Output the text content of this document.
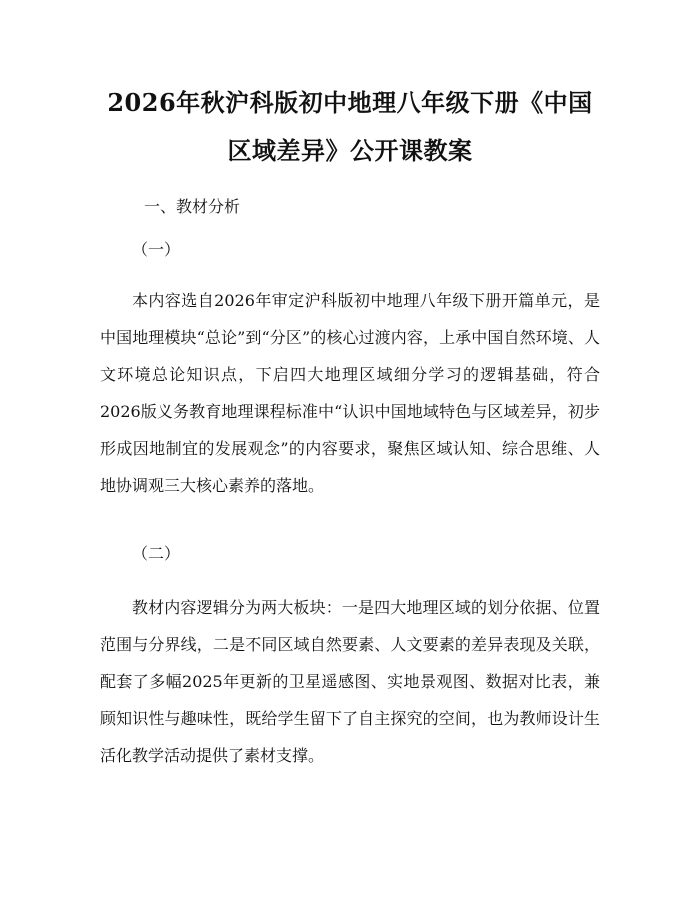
2026年秋沪科版初中地理八年级下册《中国
区域差异》公开课教案
一、教材分析
（一）
本内容选自2026年审定沪科版初中地理八年级下册开篇单元，是中国地理模块“总论”到“分区”的核心过渡内容，上承中国自然环境、人文环境总论知识点，下启四大地理区域细分学习的逻辑基础，符合2026版义务教育地理课程标准中“认识中国地域特色与区域差异，初步形成因地制宜的发展观念”的内容要求，聚焦区域认知、综合思维、人地协调观三大核心素养的落地。
（二）
教材内容逻辑分为两大板块：一是四大地理区域的划分依据、位置范围与分界线，二是不同区域自然要素、人文要素的差异表现及关联，配套了多幅2025年更新的卫星遥感图、实地景观图、数据对比表，兼顾知识性与趣味性，既给学生留下了自主探究的空间，也为教师设计生活化教学活动提供了素材支撑。
